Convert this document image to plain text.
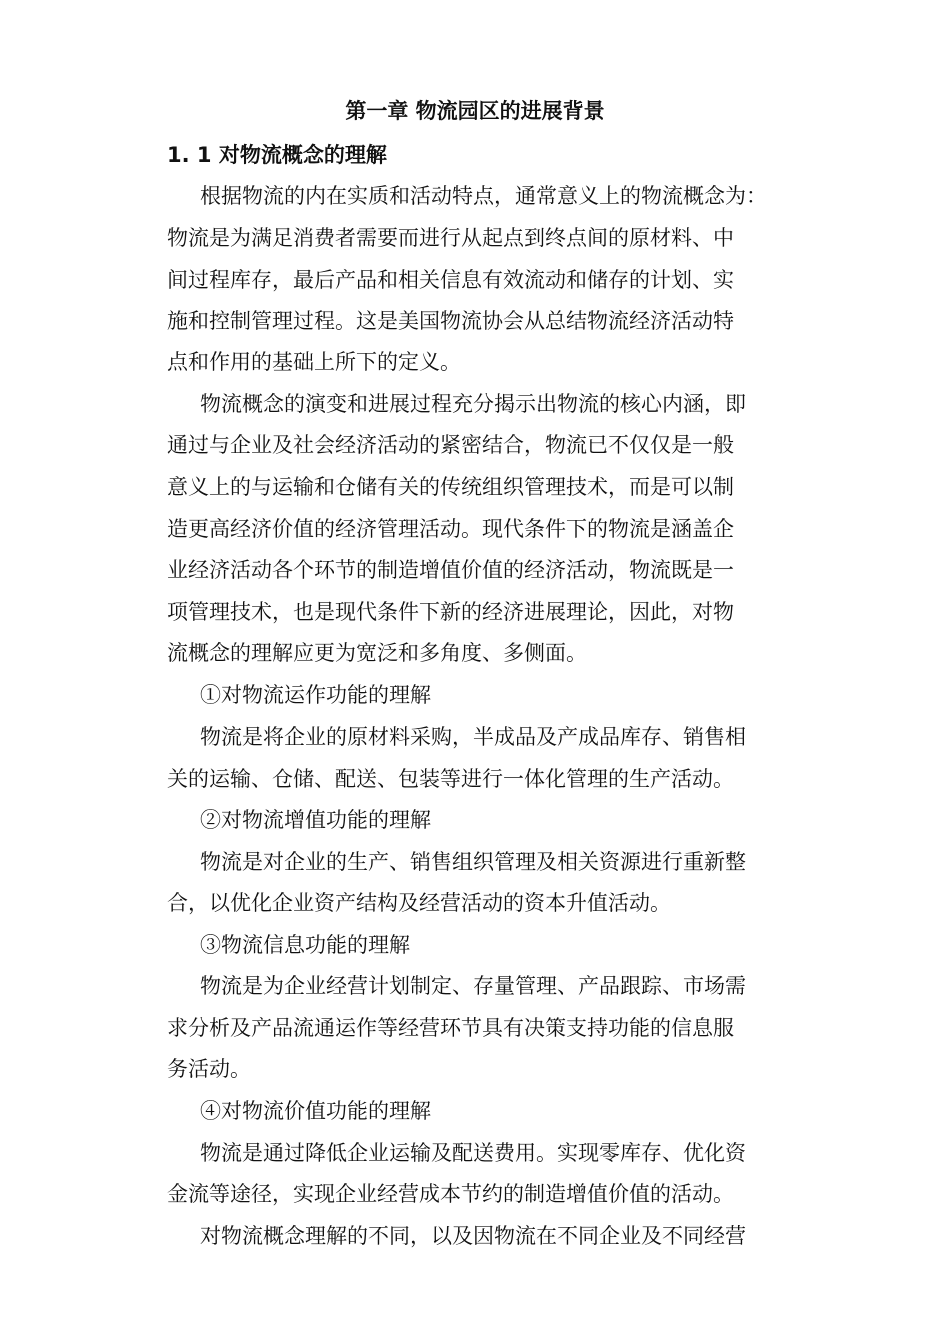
第一章 物流园区的进展背景
1. 1 对物流概念的理解
根据物流的内在实质和活动特点，通常意义上的物流概念为：
物流是为满足消费者需要而进行从起点到终点间的原材料、中
间过程库存，最后产品和相关信息有效流动和储存的计划、实
施和控制管理过程。这是美国物流协会从总结物流经济活动特
点和作用的基础上所下的定义。
物流概念的演变和进展过程充分揭示出物流的核心内涵，即
通过与企业及社会经济活动的紧密结合，物流已不仅仅是一般
意义上的与运输和仓储有关的传统组织管理技术，而是可以制
造更高经济价值的经济管理活动。现代条件下的物流是涵盖企
业经济活动各个环节的制造增值价值的经济活动，物流既是一
项管理技术，也是现代条件下新的经济进展理论，因此，对物
流概念的理解应更为宽泛和多角度、多侧面。
①对物流运作功能的理解
物流是将企业的原材料采购，半成品及产成品库存、销售相
关的运输、仓储、配送、包装等进行一体化管理的生产活动。
②对物流增值功能的理解
物流是对企业的生产、销售组织管理及相关资源进行重新整
合，以优化企业资产结构及经营活动的资本升值活动。
③物流信息功能的理解
物流是为企业经营计划制定、存量管理、产品跟踪、市场需
求分析及产品流通运作等经营环节具有决策支持功能的信息服
务活动。
④对物流价值功能的理解
物流是通过降低企业运输及配送费用。实现零库存、优化资
金流等途径，实现企业经营成本节约的制造增值价值的活动。
对物流概念理解的不同，以及因物流在不同企业及不同经营
